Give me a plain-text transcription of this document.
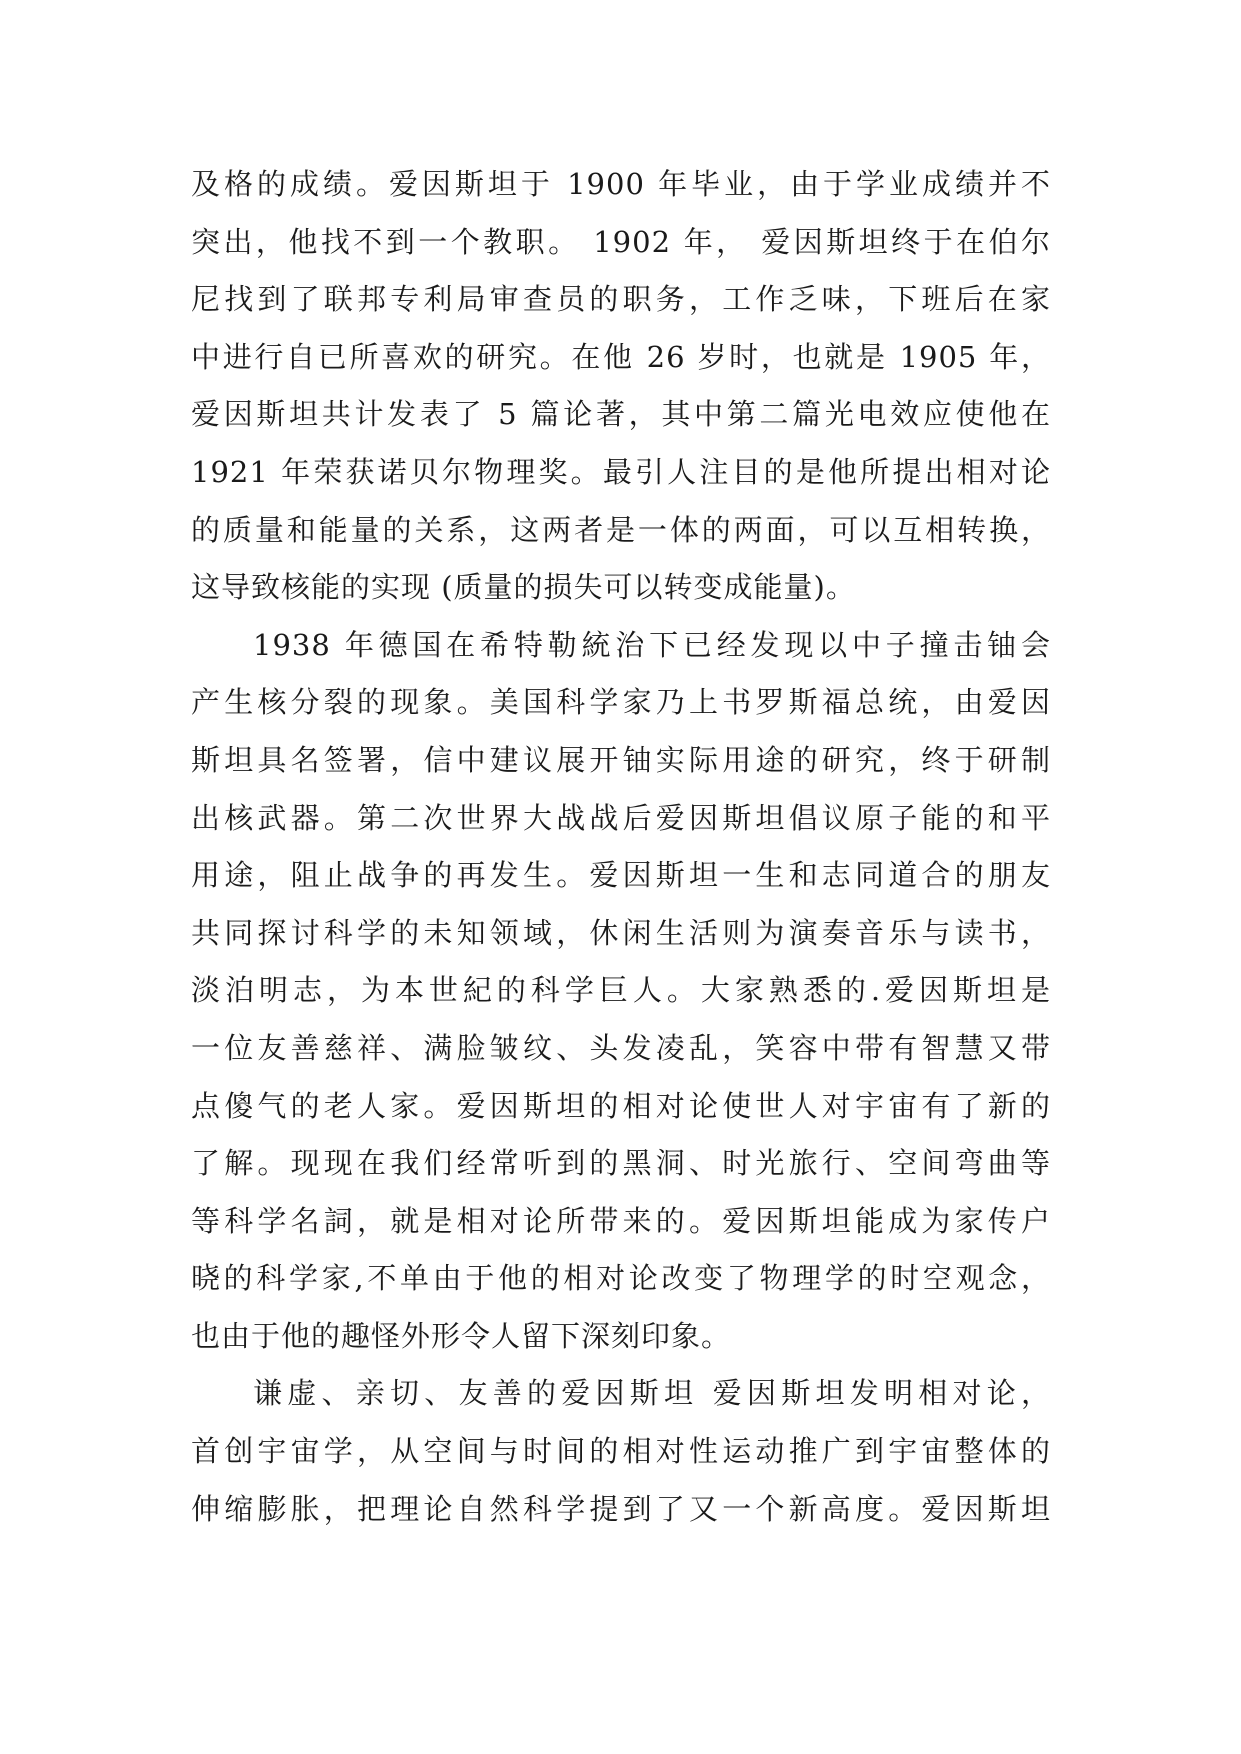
及格的成绩。爱因斯坦于 1900 年毕业，由于学业成绩并不
突出，他找不到一个教职。 1902 年， 爱因斯坦终于在伯尔
尼找到了联邦专利局审查员的职务，工作乏味，下班后在家
中进行自已所喜欢的研究。在他 26 岁时，也就是 1905 年，
爱因斯坦共计发表了 5 篇论著，其中第二篇光电效应使他在
1921 年荣获诺贝尔物理奖。最引人注目的是他所提出相对论
的质量和能量的关系，这两者是一体的两面，可以互相转换，
这导致核能的实现 (质量的损失可以转变成能量)。
1938 年德国在希特勒統治下已经发现以中子撞击铀会
产生核分裂的现象。美国科学家乃上书罗斯福总统，由爱因
斯坦具名签署，信中建议展开铀实际用途的研究，终于研制
出核武器。第二次世界大战战后爱因斯坦倡议原子能的和平
用途，阻止战争的再发生。爱因斯坦一生和志同道合的朋友
共同探讨科学的未知领域，休闲生活则为演奏音乐与读书，
淡泊明志，为本世紀的科学巨人。大家熟悉的.爱因斯坦是
一位友善慈祥、满脸皱纹、头发凌乱，笑容中带有智慧又带
点傻气的老人家。爱因斯坦的相对论使世人对宇宙有了新的
了解。现现在我们经常听到的黑洞、时光旅行、空间弯曲等
等科学名詞，就是相对论所带来的。爱因斯坦能成为家传户
晓的科学家,不单由于他的相对论改变了物理学的时空观念，
也由于他的趣怪外形令人留下深刻印象。
谦虚、亲切、友善的爱因斯坦 爱因斯坦发明相对论，
首创宇宙学，从空间与时间的相对性运动推广到宇宙整体的
伸缩膨胀，把理论自然科学提到了又一个新高度。爱因斯坦
